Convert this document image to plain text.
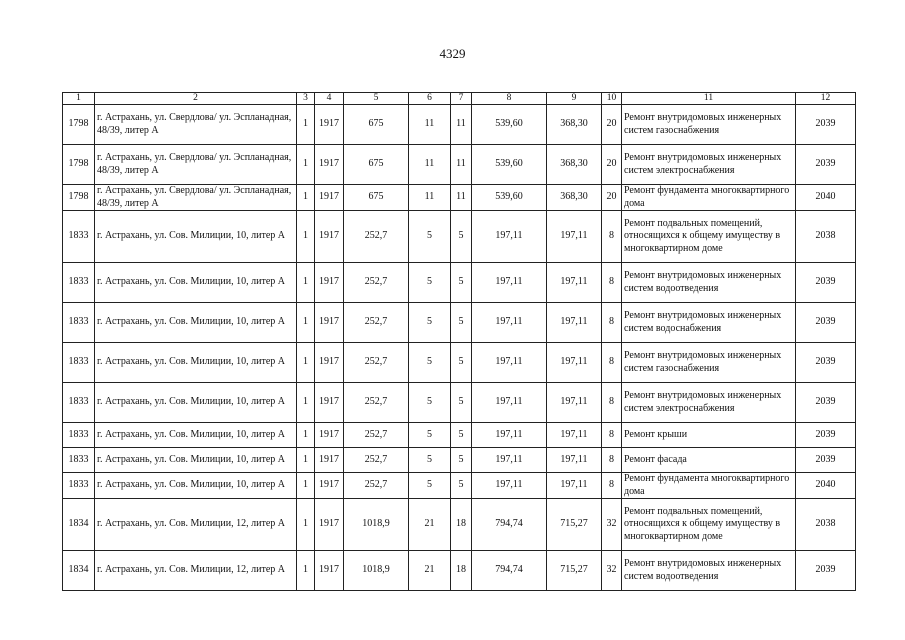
4329
1	2	3	4	5	6	7	8	9	10	11	12
1798	г. Астрахань, ул. Свердлова/ ул. Эспланадная, 48/39, литер А	1	1917	675	11	11	539,60	368,30	20	Ремонт внутридомовых инженерных систем газоснабжения	2039
1798	г. Астрахань, ул. Свердлова/ ул. Эспланадная, 48/39, литер А	1	1917	675	11	11	539,60	368,30	20	Ремонт внутридомовых инженерных систем электроснабжения	2039
1798	г. Астрахань, ул. Свердлова/ ул. Эспланадная, 48/39, литер А	1	1917	675	11	11	539,60	368,30	20	Ремонт фундамента многоквартирного дома	2040
1833	г. Астрахань, ул. Сов. Милиции, 10, литер А	1	1917	252,7	5	5	197,11	197,11	8	Ремонт подвальных помещений, относящихся к общему имуществу в многоквартирном доме	2038
1833	г. Астрахань, ул. Сов. Милиции, 10, литер А	1	1917	252,7	5	5	197,11	197,11	8	Ремонт внутридомовых инженерных систем водоотведения	2039
1833	г. Астрахань, ул. Сов. Милиции, 10, литер А	1	1917	252,7	5	5	197,11	197,11	8	Ремонт внутридомовых инженерных систем водоснабжения	2039
1833	г. Астрахань, ул. Сов. Милиции, 10, литер А	1	1917	252,7	5	5	197,11	197,11	8	Ремонт внутридомовых инженерных систем газоснабжения	2039
1833	г. Астрахань, ул. Сов. Милиции, 10, литер А	1	1917	252,7	5	5	197,11	197,11	8	Ремонт внутридомовых инженерных систем электроснабжения	2039
1833	г. Астрахань, ул. Сов. Милиции, 10, литер А	1	1917	252,7	5	5	197,11	197,11	8	Ремонт крыши	2039
1833	г. Астрахань, ул. Сов. Милиции, 10, литер А	1	1917	252,7	5	5	197,11	197,11	8	Ремонт фасада	2039
1833	г. Астрахань, ул. Сов. Милиции, 10, литер А	1	1917	252,7	5	5	197,11	197,11	8	Ремонт фундамента многоквартирного дома	2040
1834	г. Астрахань, ул. Сов. Милиции, 12, литер А	1	1917	1018,9	21	18	794,74	715,27	32	Ремонт подвальных помещений, относящихся к общему имуществу в многоквартирном доме	2038
1834	г. Астрахань, ул. Сов. Милиции, 12, литер А	1	1917	1018,9	21	18	794,74	715,27	32	Ремонт внутридомовых инженерных систем водоотведения	2039
